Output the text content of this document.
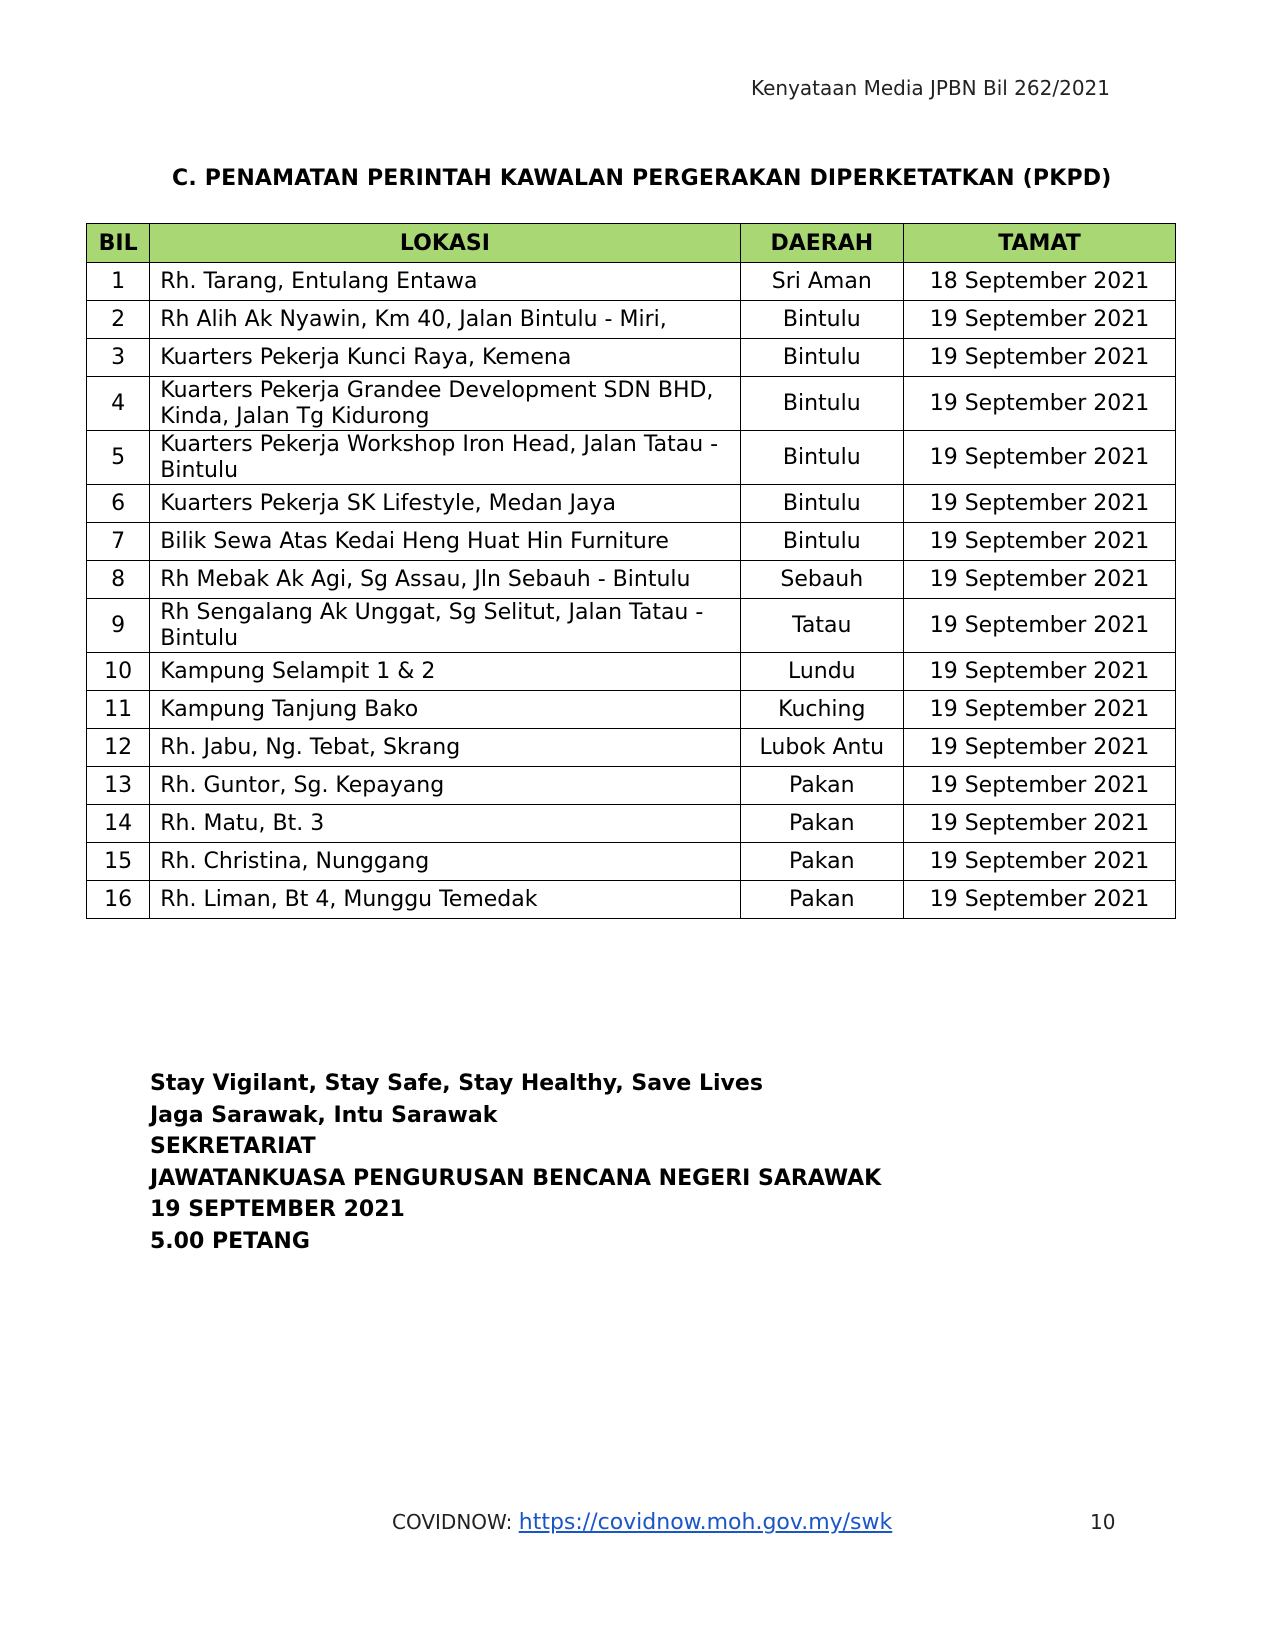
Kenyataan Media JPBN Bil 262/2021
C. PENAMATAN PERINTAH KAWALAN PERGERAKAN DIPERKETATKAN (PKPD)
BIL	LOKASI	DAERAH	TAMAT
1	Rh. Tarang, Entulang Entawa	Sri Aman	18 September 2021
2	Rh Alih Ak Nyawin, Km 40, Jalan Bintulu - Miri,	Bintulu	19 September 2021
3	Kuarters Pekerja Kunci Raya, Kemena	Bintulu	19 September 2021
4	Kuarters Pekerja Grandee Development SDN BHD, Kinda, Jalan Tg Kidurong	Bintulu	19 September 2021
5	Kuarters Pekerja Workshop Iron Head, Jalan Tatau - Bintulu	Bintulu	19 September 2021
6	Kuarters Pekerja SK Lifestyle, Medan Jaya	Bintulu	19 September 2021
7	Bilik Sewa Atas Kedai Heng Huat Hin Furniture	Bintulu	19 September 2021
8	Rh Mebak Ak Agi, Sg Assau, Jln Sebauh - Bintulu	Sebauh	19 September 2021
9	Rh Sengalang Ak Unggat, Sg Selitut, Jalan Tatau - Bintulu	Tatau	19 September 2021
10	Kampung Selampit 1 & 2	Lundu	19 September 2021
11	Kampung Tanjung Bako	Kuching	19 September 2021
12	Rh. Jabu, Ng. Tebat, Skrang	Lubok Antu	19 September 2021
13	Rh. Guntor, Sg. Kepayang	Pakan	19 September 2021
14	Rh. Matu, Bt. 3	Pakan	19 September 2021
15	Rh. Christina, Nunggang	Pakan	19 September 2021
16	Rh. Liman, Bt 4, Munggu Temedak	Pakan	19 September 2021
Stay Vigilant, Stay Safe, Stay Healthy, Save Lives
Jaga Sarawak, Intu Sarawak
SEKRETARIAT
JAWATANKUASA PENGURUSAN BENCANA NEGERI SARAWAK
19 SEPTEMBER 2021
5.00 PETANG
COVIDNOW: https://covidnow.moh.gov.my/swk	10
